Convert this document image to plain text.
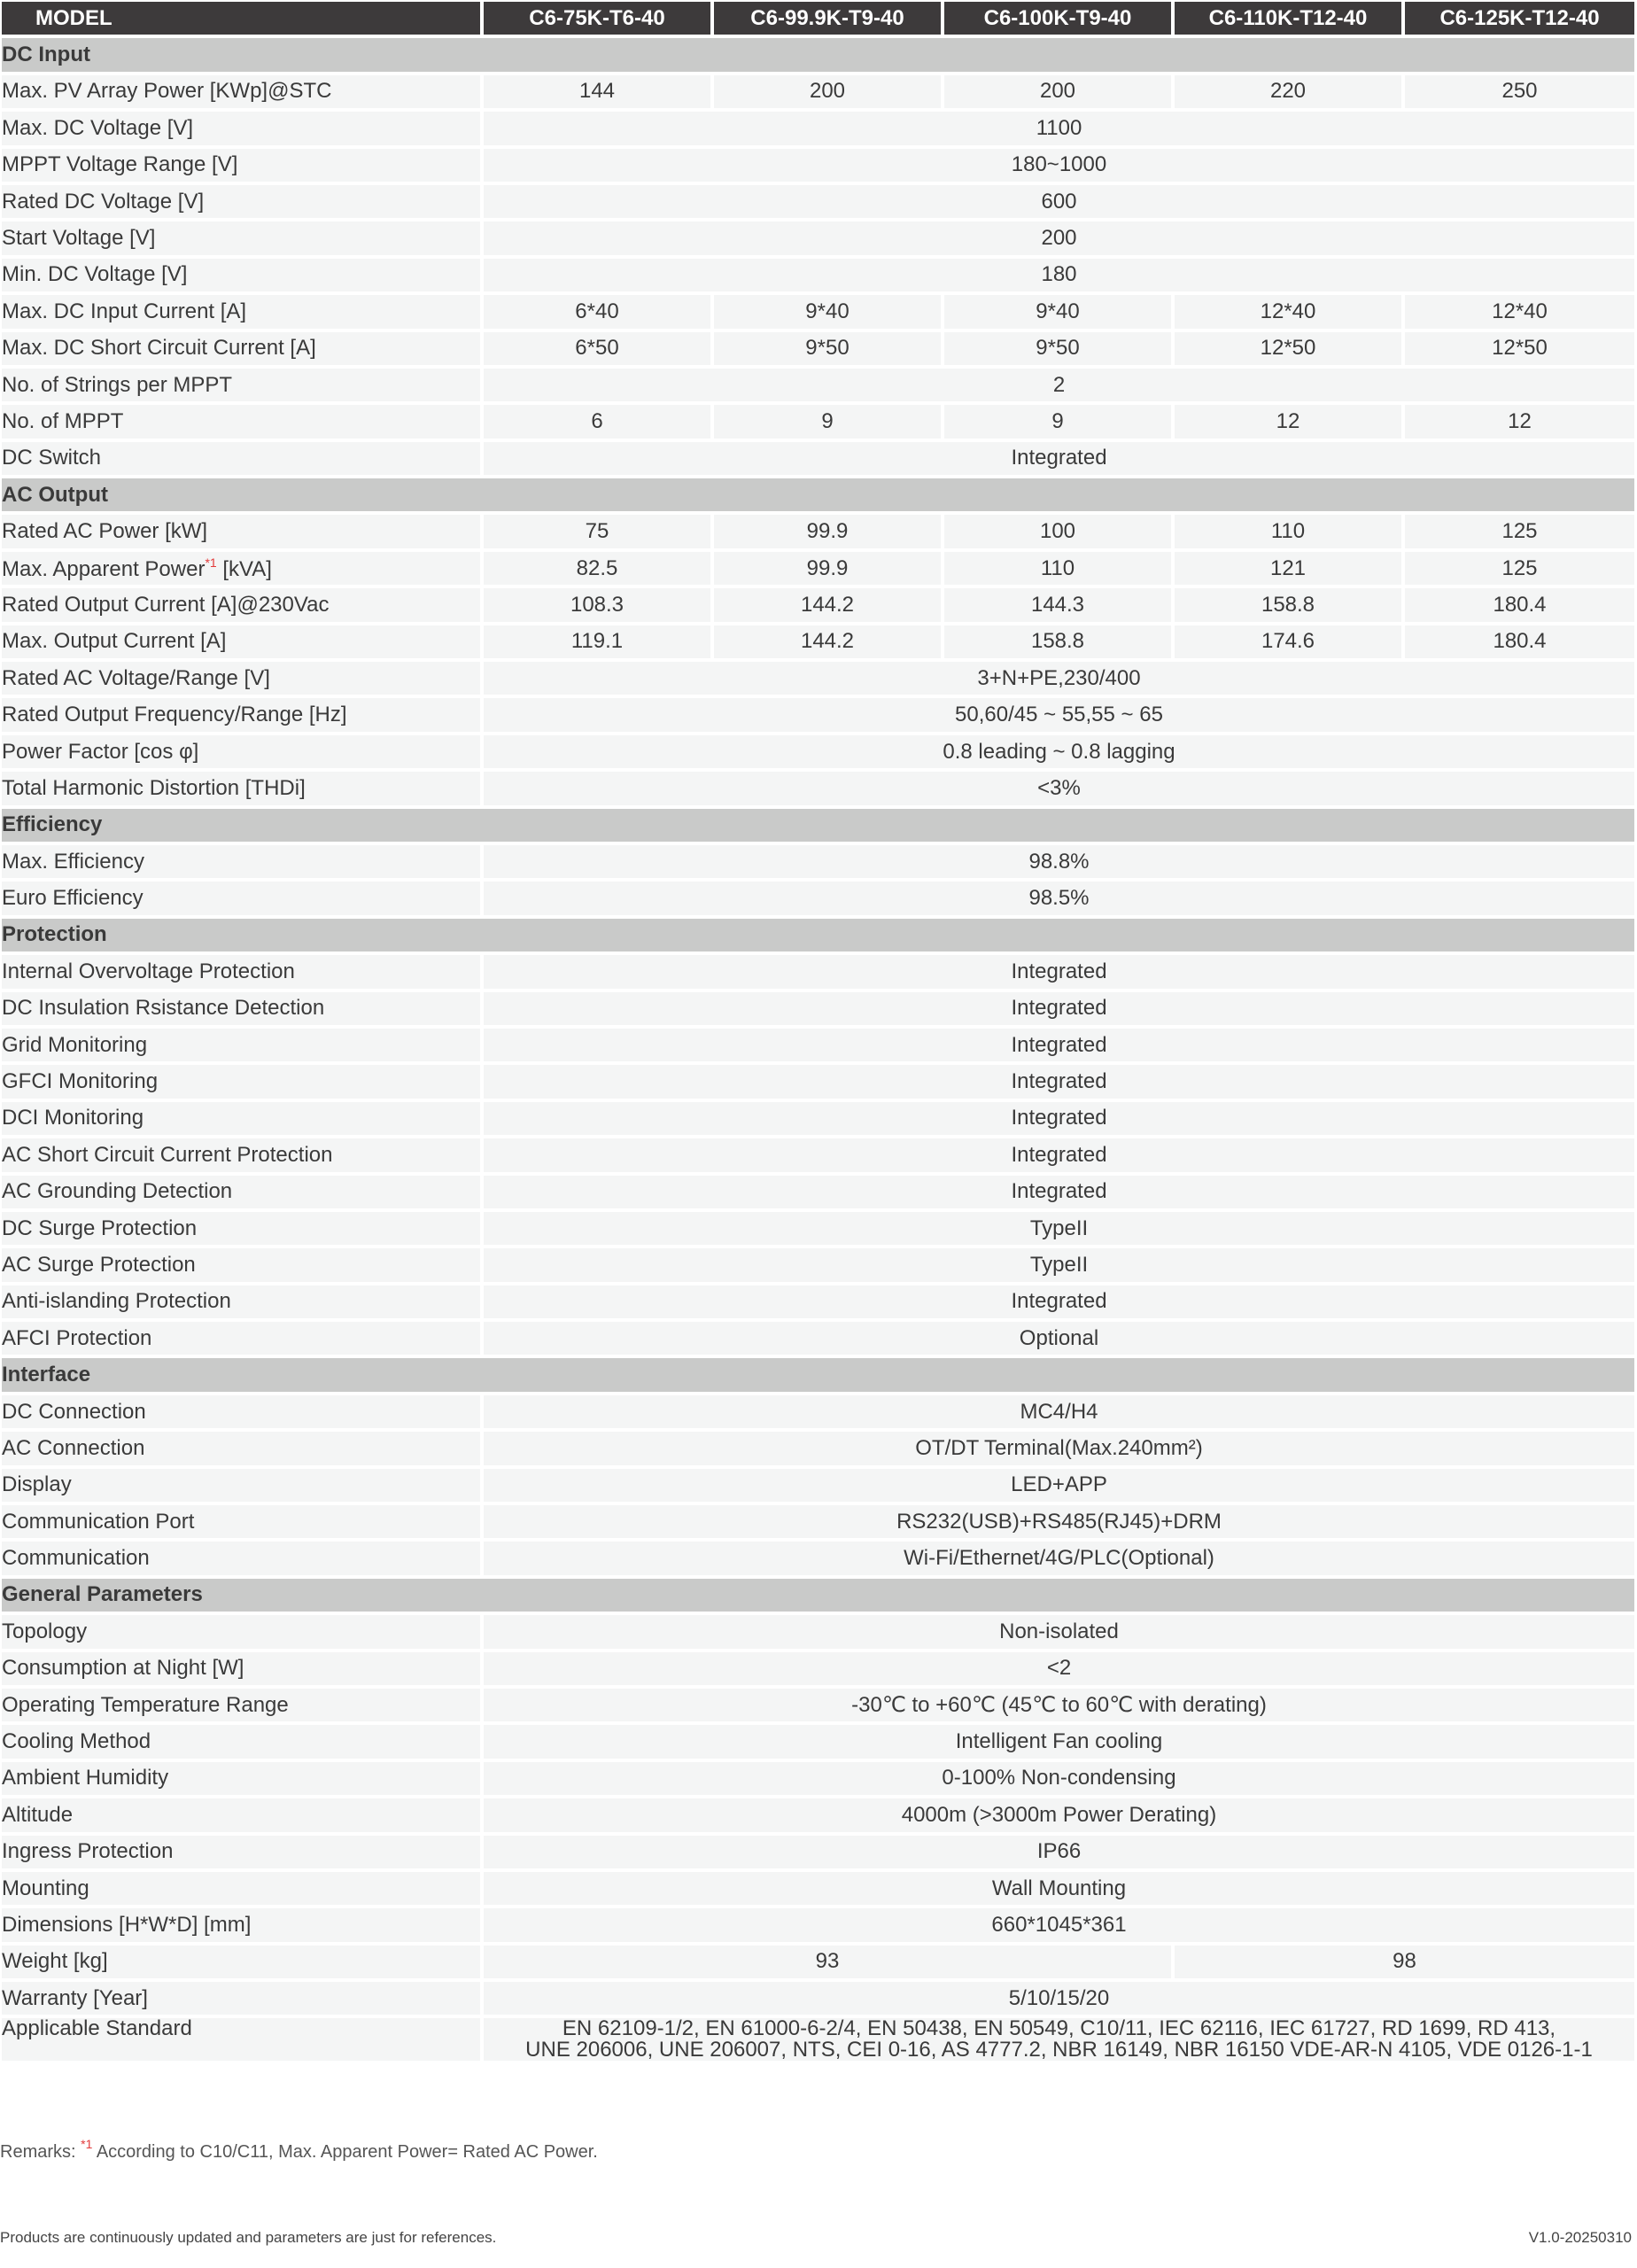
MODEL	C6-75K-T6-40	C6-99.9K-T9-40	C6-100K-T9-40	C6-110K-T12-40	C6-125K-T12-40
DC Input					
Max. PV Array Power [KWp]@STC	144	200	200	220	250
Max. DC Voltage [V]	1100				
MPPT Voltage Range [V]	180~1000				
Rated DC Voltage [V]	600				
Start Voltage [V]	200				
Min. DC Voltage [V]	180				
Max. DC Input Current [A]	6*40	9*40	9*40	12*40	12*40
Max. DC Short Circuit Current [A]	6*50	9*50	9*50	12*50	12*50
No. of Strings per MPPT	2				
No. of MPPT	6	9	9	12	12
DC Switch	Integrated				
AC Output					
Rated AC Power [kW]	75	99.9	100	110	125
Max. Apparent Power$^{*1}$ [kVA]	82.5	99.9	110	121	125
Rated Output Current [A]@230Vac	108.3	144.2	144.3	158.8	180.4
Max. Output Current [A]	119.1	144.2	158.8	174.6	180.4
Rated AC Voltage/Range [V]	3+N+PE,230/400				
Rated Output Frequency/Range [Hz]	50,60/45 ~ 55,55 ~ 65				
Power Factor [cos φ]	0.8 leading ~ 0.8 lagging				
Total Harmonic Distortion [THDi]	<3%				
Efficiency					
Max. Efficiency	98.8%				
Euro Efficiency	98.5%				
Protection					
Internal Overvoltage Protection	Integrated				
DC Insulation Rsistance Detection	Integrated				
Grid Monitoring	Integrated				
GFCI Monitoring	Integrated				
DCI Monitoring	Integrated				
AC Short Circuit Current Protection	Integrated				
AC Grounding Detection	Integrated				
DC Surge Protection	TypeII				
AC Surge Protection	TypeII				
Anti-islanding Protection	Integrated				
AFCI Protection	Optional				
Interface					
DC Connection	MC4/H4				
AC Connection	OT/DT Terminal(Max.240mm²)				
Display	LED+APP				
Communication Port	RS232(USB)+RS485(RJ45)+DRM				
Communication	Wi-Fi/Ethernet/4G/PLC(Optional)				
General Parameters					
Topology	Non-isolated				
Consumption at Night [W]	<2				
Operating Temperature Range	-30℃ to +60℃ (45℃ to 60℃ with derating)				
Cooling Method	Intelligent Fan cooling				
Ambient Humidity	0-100% Non-condensing				
Altitude	4000m (>3000m Power Derating)				
Ingress Protection	IP66				
Mounting	Wall Mounting				
Dimensions [H*W*D] [mm]	660*1045*361				
Weight [kg]	93			98	
Warranty [Year]	5/10/15/20				
Applicable Standard	EN 62109-1/2, EN 61000-6-2/4, EN 50438, EN 50549, C10/11, IEC 62116, IEC 61727, RD 1699, RD 413,
UNE 206006, UNE 206007, NTS, CEI 0-16, AS 4777.2, NBR 16149, NBR 16150 VDE-AR-N 4105, VDE 0126-1-1				
Remarks: $^{*1}$ According to C10/C11, Max. Apparent Power= Rated AC Power.
Products are continuously updated and parameters are just for references.	V1.0-20250310
